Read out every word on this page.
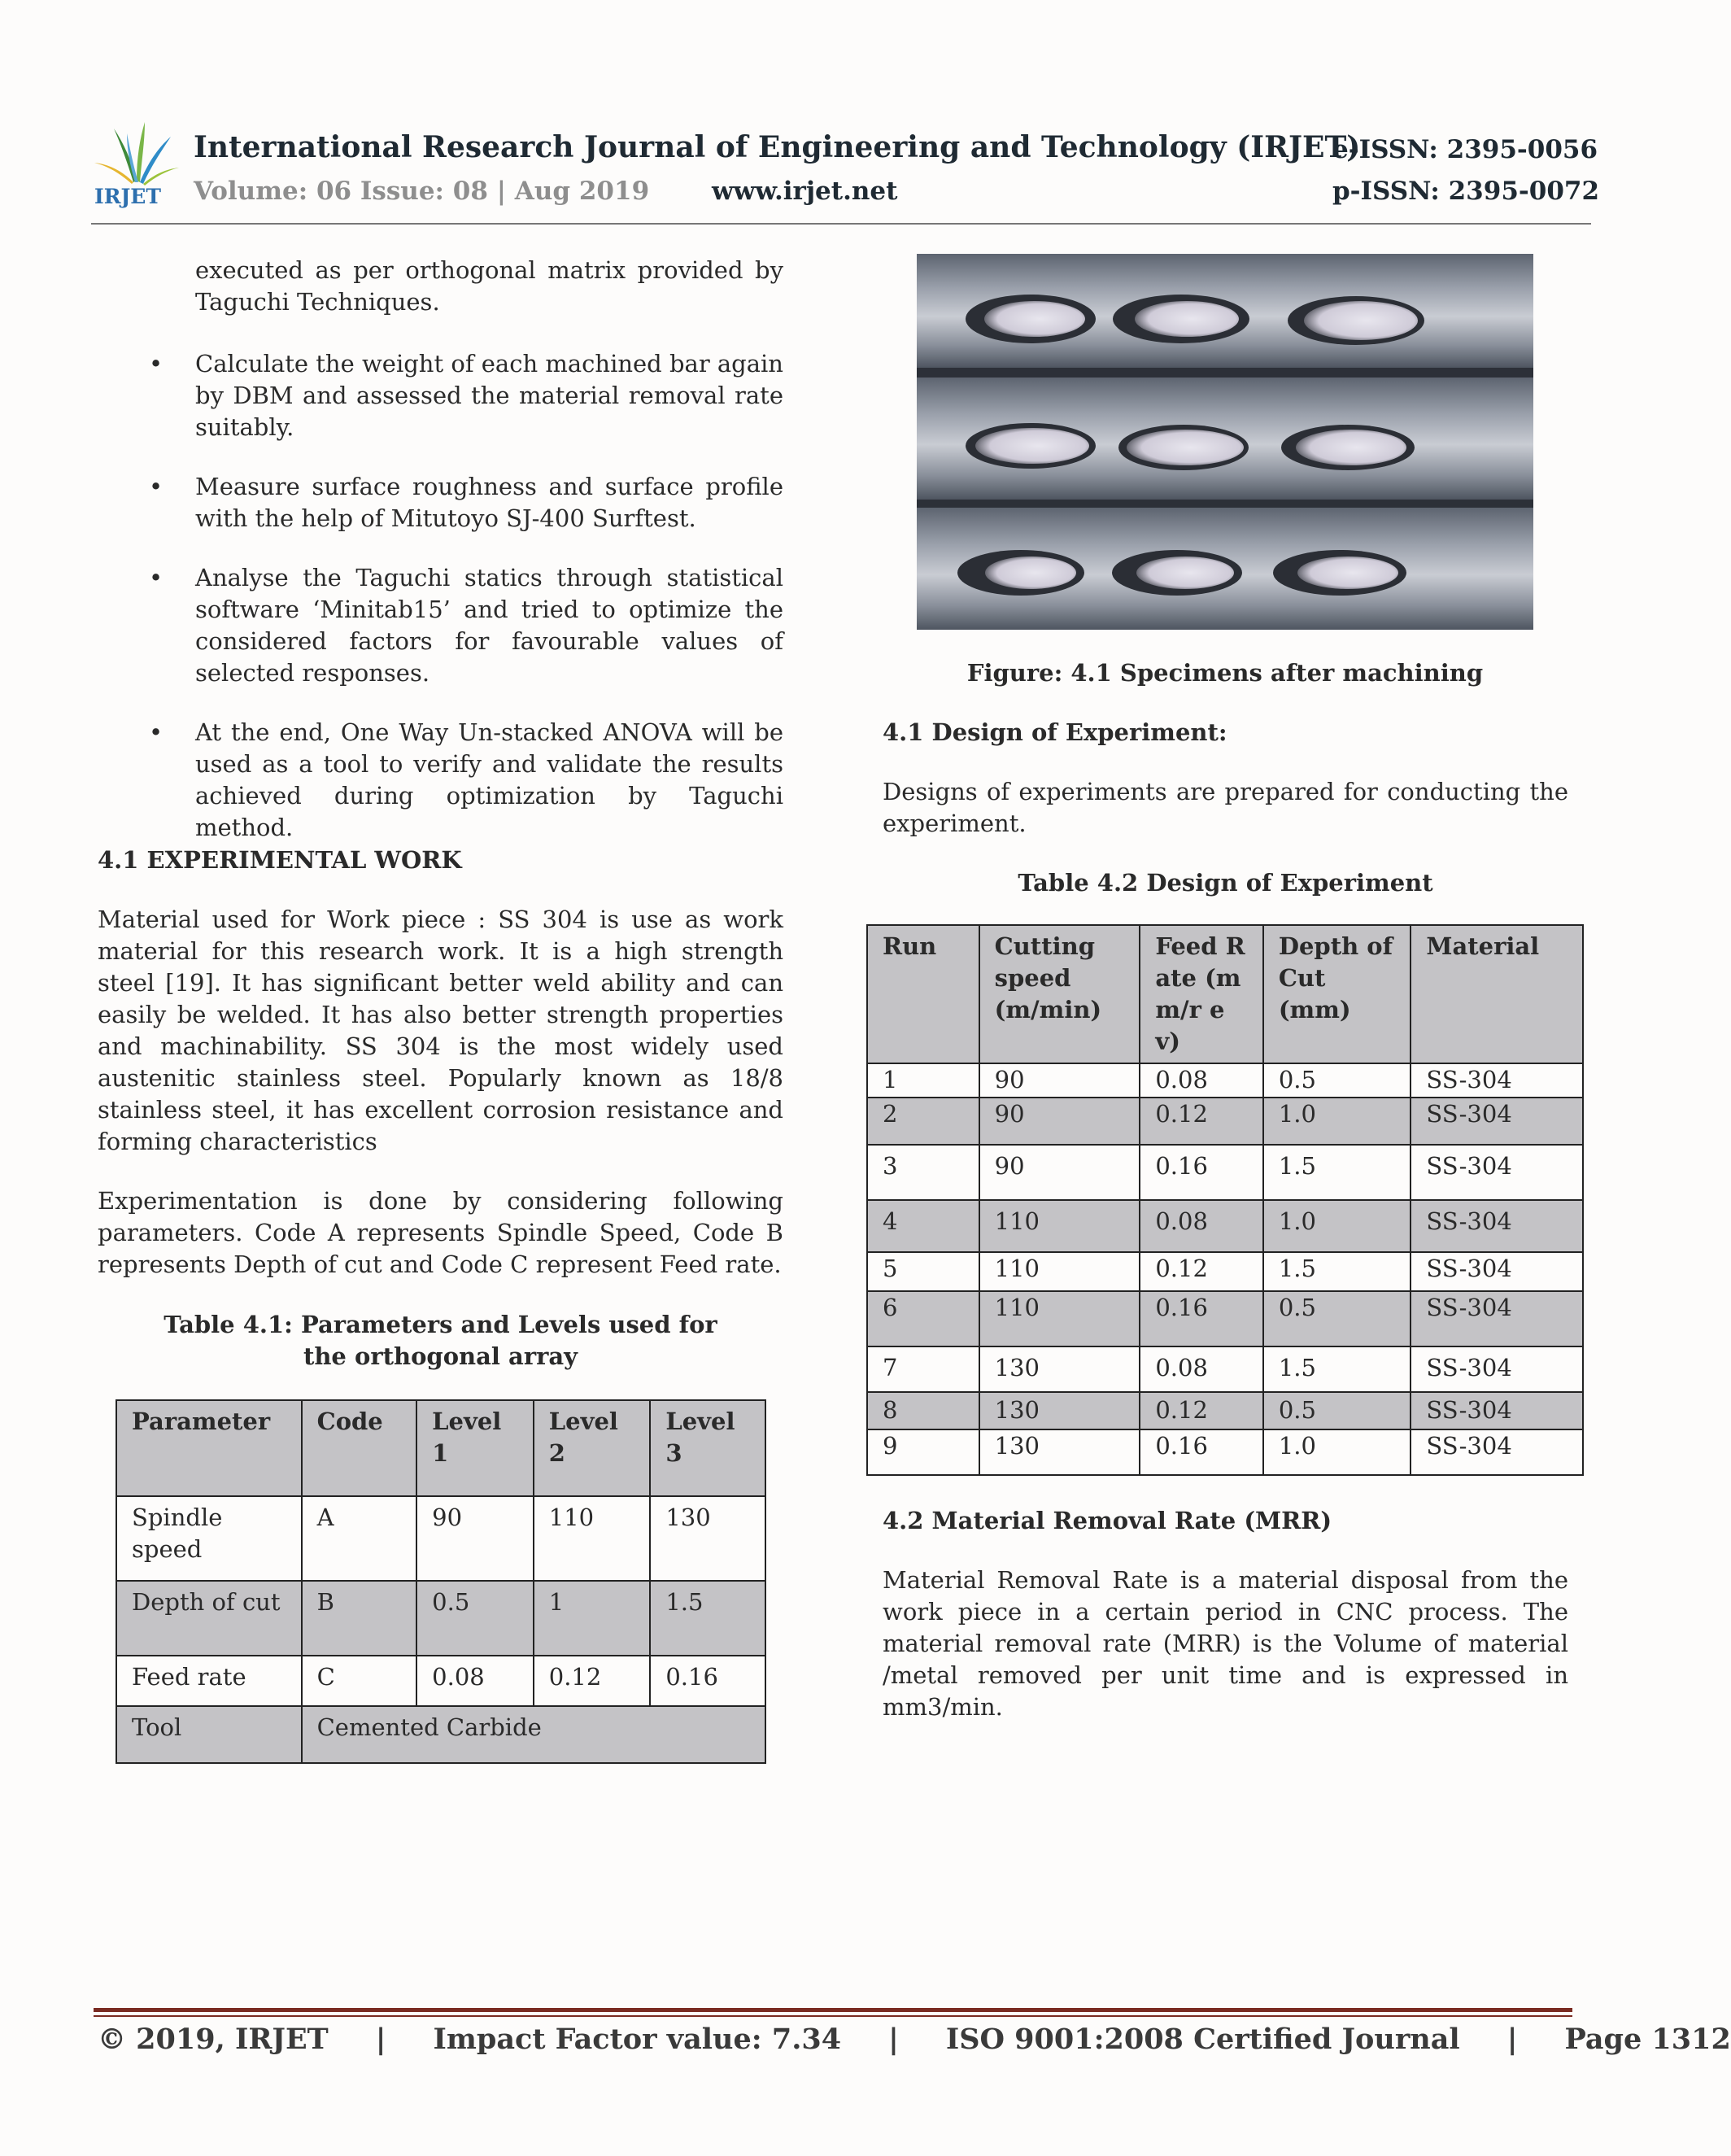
IRJET
International Research Journal of Engineering and Technology (IRJET)
e-ISSN: 2395-0056
Volume: 06 Issue: 08 | Aug 2019 www.irjet.net	p-ISSN: 2395-0072
executed as per orthogonal matrix provided by Taguchi Techniques.
• Calculate the weight of each machined bar again by DBM and assessed the material removal rate suitably.
• Measure surface roughness and surface profile with the help of Mitutoyo SJ-400 Surftest.
• Analyse the Taguchi statics through statistical software ‘Minitab15’ and tried to optimize the considered factors for favourable values of selected responses.
• At the end, One Way Un-stacked ANOVA will be used as a tool to verify and validate the results achieved during optimization by Taguchi method.
4.1 EXPERIMENTAL WORK
Material used for Work piece : SS 304 is use as work material for this research work. It is a high strength steel [19]. It has significant better weld ability and can easily be welded. It has also better strength properties and machinability. SS 304 is the most widely used austenitic stainless steel. Popularly known as 18/8 stainless steel, it has excellent corrosion resistance and forming characteristics
Experimentation is done by considering following parameters. Code A represents Spindle Speed, Code B represents Depth of cut and Code C represent Feed rate.
Table 4.1: Parameters and Levels used for the orthogonal array
Parameter	Code	Level 1	Level 2	Level 3
Spindle speed	A	90	110	130
Depth of cut	B	0.5	1	1.5
Feed rate	C	0.08	0.12	0.16
Tool	Cemented Carbide			
Figure: 4.1 Specimens after machining
4.1 Design of Experiment:
Designs of experiments are prepared for conducting the experiment.
Table 4.2 Design of Experiment
Run	Cutting speed (m/min)	Feed Rate (mm/r ev)	Depth of Cut (mm)	Material
1	90	0.08	0.5	SS-304
2	90	0.12	1.0	SS-304
3	90	0.16	1.5	SS-304
4	110	0.08	1.0	SS-304
5	110	0.12	1.5	SS-304
6	110	0.16	0.5	SS-304
7	130	0.08	1.5	SS-304
8	130	0.12	0.5	SS-304
9	130	0.16	1.0	SS-304
4.2 Material Removal Rate (MRR)
Material Removal Rate is a material disposal from the work piece in a certain period in CNC process. The material removal rate (MRR) is the Volume of material /metal removed per unit time and is expressed in mm3/min.
© 2019, IRJET | Impact Factor value: 7.34 | ISO 9001:2008 Certified Journal | Page 1312
